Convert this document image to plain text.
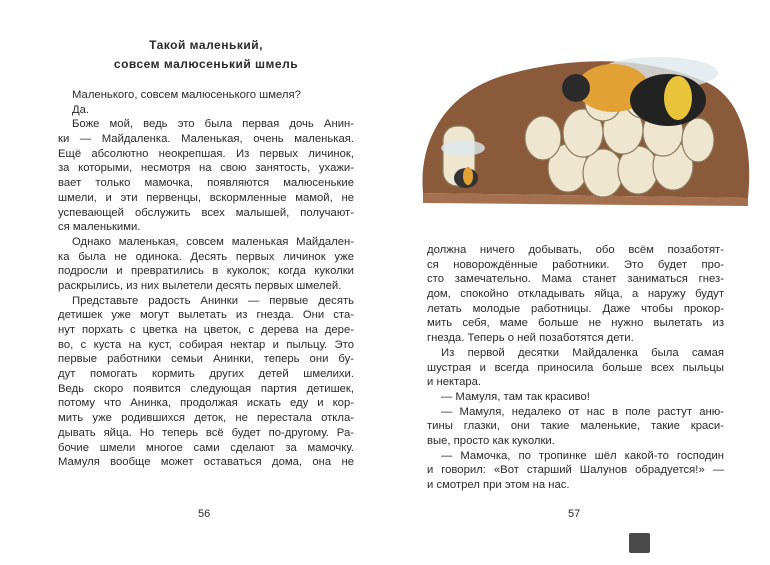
Такой маленький,
совсем малюсенький шмель
Маленького, совсем малюсенького шмеля?
Да.
Боже мой, ведь это была первая дочь Анин-
ки — Майдаленка. Маленькая, очень маленькая.
Ещё абсолютно неокрепшая. Из первых личинок,
за которыми, несмотря на свою занятость, ухажи-
вает только мамочка, появляются малюсенькие
шмели, и эти первенцы, вскормленные мамой, не
успевающей обслужить всех малышей, получают-
ся маленькими.
Однако маленькая, совсем маленькая Майдален-
ка была не одинока. Десять первых личинок уже
подросли и превратились в куколок; когда куколки
раскрылись, из них вылетели десять первых шмелей.
Представьте радость Анинки — первые десять
детишек уже могут вылетать из гнезда. Они ста-
нут порхать с цветка на цветок, с дерева на дере-
во, с куста на куст, собирая нектар и пыльцу. Это
первые работники семьи Анинки, теперь они бу-
дут помогать кормить других детей шмелихи.
Ведь скоро появится следующая партия детишек,
потому что Анинка, продолжая искать еду и кор-
мить уже родившихся деток, не перестала откла-
дывать яйца. Но теперь всё будет по-другому. Ра-
бочие шмели многое сами сделают за мамочку.
Мамуля вообще может оставаться дома, она не
56
должна ничего добывать, обо всём позаботят-
ся новорождённые работники. Это будет про-
сто замечательно. Мама станет заниматься гнез-
дом, спокойно откладывать яйца, а наружу будут
летать молодые работницы. Даже чтобы прокор-
мить себя, маме больше не нужно вылетать из
гнезда. Теперь о ней позаботятся дети.
Из первой десятки Майдаленка была самая
шустрая и всегда приносила больше всех пыльцы
и нектара.
— Мамуля, там так красиво!
— Мамуля, недалеко от нас в поле растут аню-
тины глазки, они такие маленькие, такие краси-
вые, просто как куколки.
— Мамочка, по тропинке шёл какой-то господин
и говорил: «Вот старший Шалунов обрадуется!» —
и смотрел при этом на нас.
57
